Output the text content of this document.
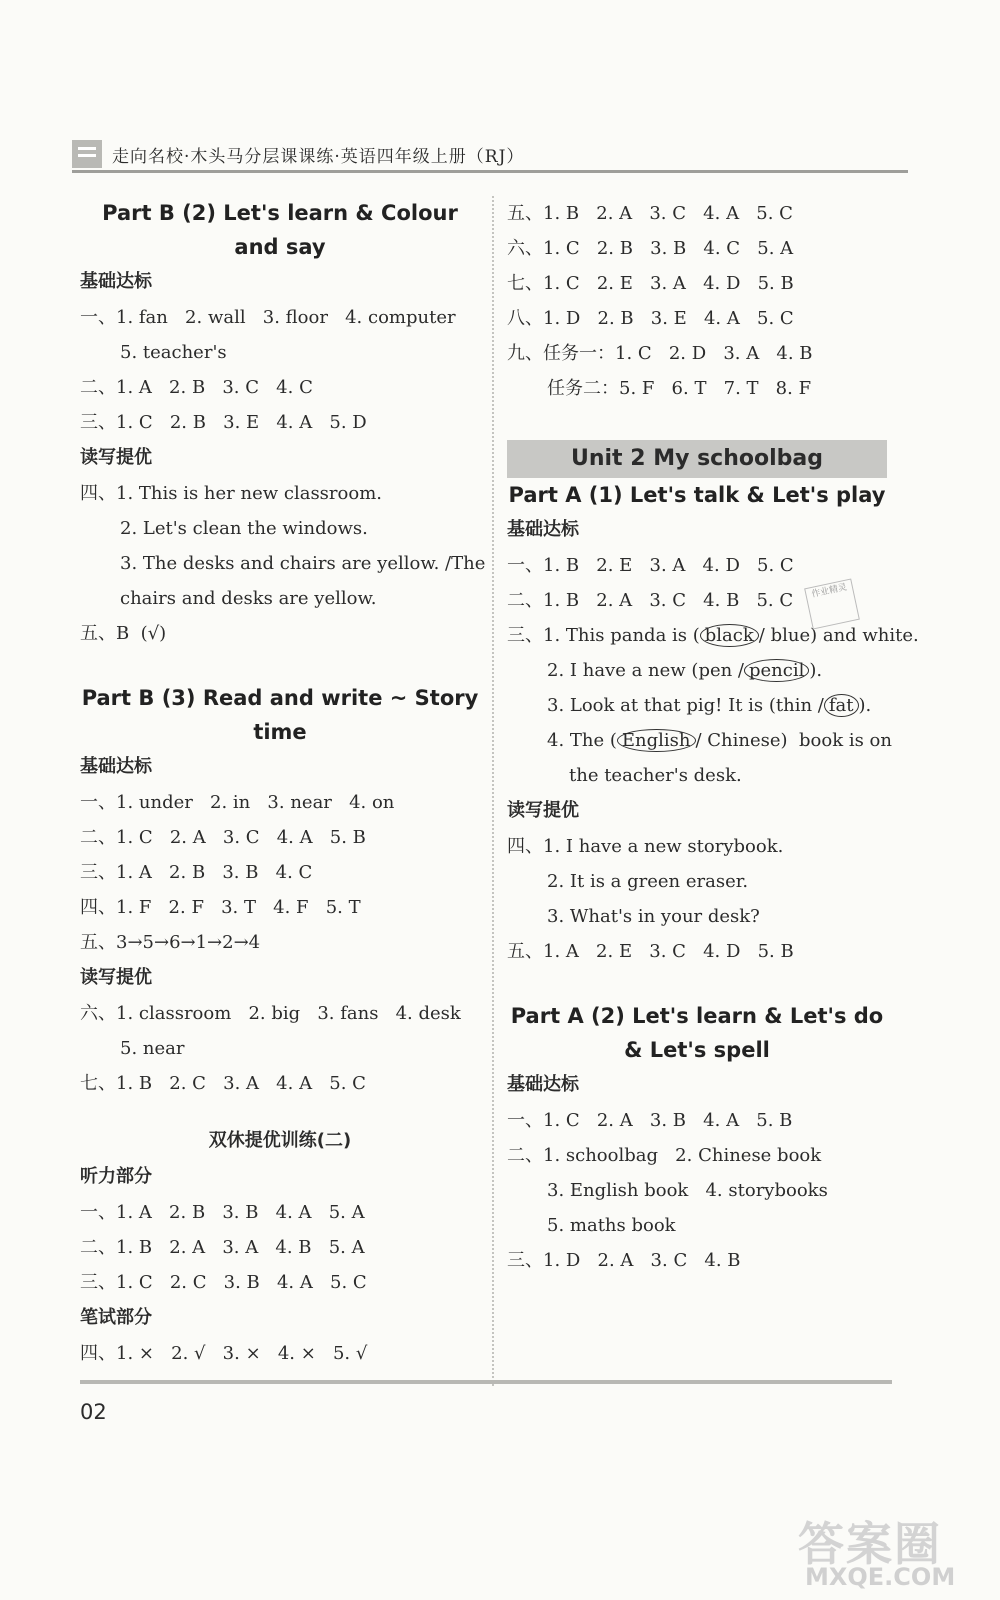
走向名校·木头马分层课课练·英语四年级上册（RJ）
Part B (2) Let's learn & Colour
and say
基础达标
一、1. fan   2. wall   3. floor   4. computer
5. teacher's
二、1. A   2. B   3. C   4. C
三、1. C   2. B   3. E   4. A   5. D
读写提优
四、1. This is her new classroom.
2. Let's clean the windows.
3. The desks and chairs are yellow. /The
chairs and desks are yellow.
五、B  (√)
Part B (3) Read and write ~ Story
time
基础达标
一、1. under   2. in   3. near   4. on
二、1. C   2. A   3. C   4. A   5. B
三、1. A   2. B   3. B   4. C
四、1. F   2. F   3. T   4. F   5. T
五、3→5→6→1→2→4
读写提优
六、1. classroom   2. big   3. fans   4. desk
5. near
七、1. B   2. C   3. A   4. A   5. C
双休提优训练(二)
听力部分
一、1. A   2. B   3. B   4. A   5. A
二、1. B   2. A   3. A   4. B   5. A
三、1. C   2. C   3. B   4. A   5. C
笔试部分
四、1. ×   2. √   3. ×   4. ×   5. √
五、1. B   2. A   3. C   4. A   5. C
六、1. C   2. B   3. B   4. C   5. A
七、1. C   2. E   3. A   4. D   5. B
八、1. D   2. B   3. E   4. A   5. C
九、任务一：1. C   2. D   3. A   4. B
任务二：5. F   6. T   7. T   8. F
Unit 2 My schoolbag
Part A (1) Let's talk & Let's play
基础达标
一、1. B   2. E   3. A   4. D   5. C
二、1. B   2. A   3. C   4. B   5. C
三、1. This panda is ( black / blue) and white.
2. I have a new (pen / pencil ).
3. Look at that pig! It is (thin / fat ).
4. The ( English / Chinese)  book is on
the teacher's desk.
读写提优
四、1. I have a new storybook.
2. It is a green eraser.
3. What's in your desk?
五、1. A   2. E   3. C   4. D   5. B
Part A (2) Let's learn & Let's do
& Let's spell
基础达标
一、1. C   2. A   3. B   4. A   5. B
二、1. schoolbag   2. Chinese book
3. English book   4. storybooks
5. maths book
三、1. D   2. A   3. C   4. B
作业精灵
02
答案圈
MXQE.COM
